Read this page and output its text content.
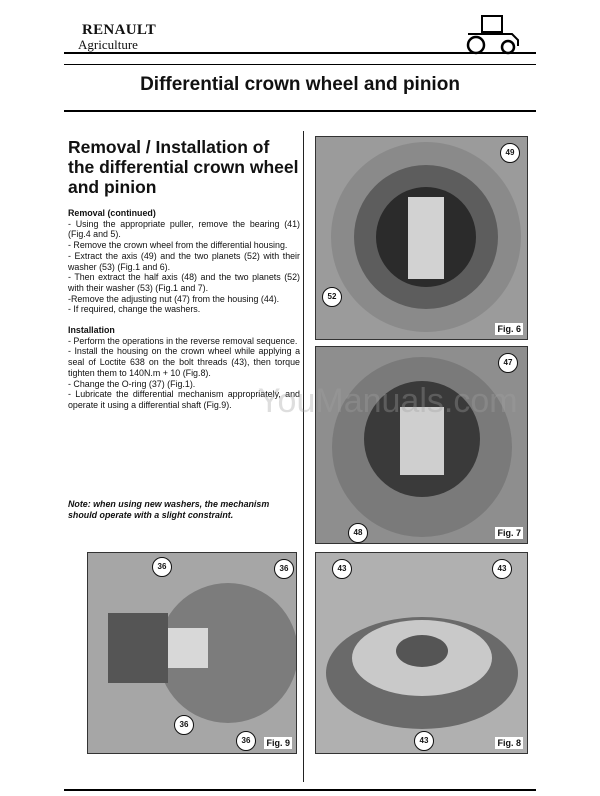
RENAULT
Agriculture
Differential crown wheel and pinion
Removal / Installation of the differential crown wheel and pinion

Removal (continued)

- Using the appropriate puller, remove the bearing (41) (Fig.4 and 5).

- Remove the crown wheel from the differential housing.

- Extract the axis (49) and the two planets (52) with their washer (53) (Fig.1 and 6).

- Then extract the half axis (48) and the two planets (52) with their washer (53) (Fig.1 and 7).

-Remove the adjusting nut (47) from the housing (44).

- If required, change the washers.

Installation

- Perform the operations in the reverse removal sequence.

- Install the housing on the crown wheel while applying a seal of Loctite 638 on the bolt threads (43), then torque tighten them to 140N.m + 10 (Fig.8).

- Change the O-ring (37) (Fig.1).

- Lubricate the differential mechanism appropriately, and operate it using a differential shaft (Fig.9).

Note: when using new washers, the mechanism should operate with a slight constraint.
49
52
Fig. 6
47
48	Fig. 7
36	36
36
36	Fig. 9
43	43
43	Fig. 8
YouManuals.com
